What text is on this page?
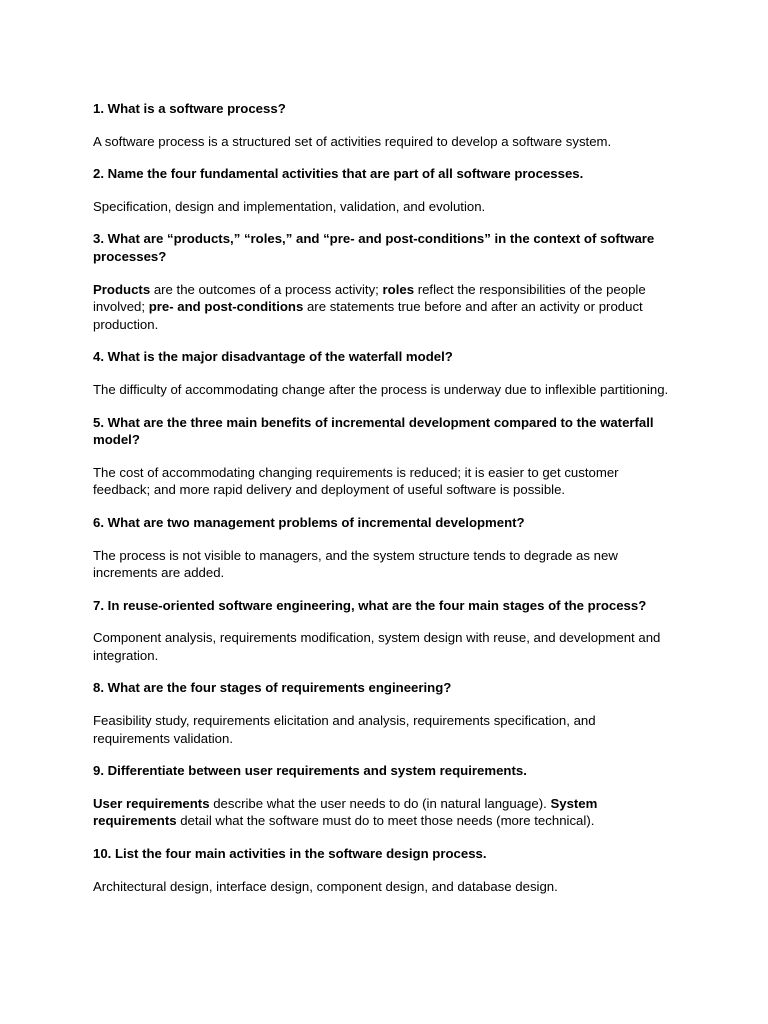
1. What is a software process?

A software process is a structured set of activities required to develop a software system.

2. Name the four fundamental activities that are part of all software processes.

Specification, design and implementation, validation, and evolution.

3. What are “products,” “roles,” and “pre- and post-conditions” in the context of software processes?

Products are the outcomes of a process activity; roles reflect the responsibilities of the people involved; pre- and post-conditions are statements true before and after an activity or product production.

4. What is the major disadvantage of the waterfall model?

The difficulty of accommodating change after the process is underway due to inflexible partitioning.

5. What are the three main benefits of incremental development compared to the waterfall model?

The cost of accommodating changing requirements is reduced; it is easier to get customer feedback; and more rapid delivery and deployment of useful software is possible.

6. What are two management problems of incremental development?

The process is not visible to managers, and the system structure tends to degrade as new increments are added.

7. In reuse-oriented software engineering, what are the four main stages of the process?

Component analysis, requirements modification, system design with reuse, and development and integration.

8. What are the four stages of requirements engineering?

Feasibility study, requirements elicitation and analysis, requirements specification, and requirements validation.

9. Differentiate between user requirements and system requirements.

User requirements describe what the user needs to do (in natural language). System requirements detail what the software must do to meet those needs (more technical).

10. List the four main activities in the software design process.

Architectural design, interface design, component design, and database design.
